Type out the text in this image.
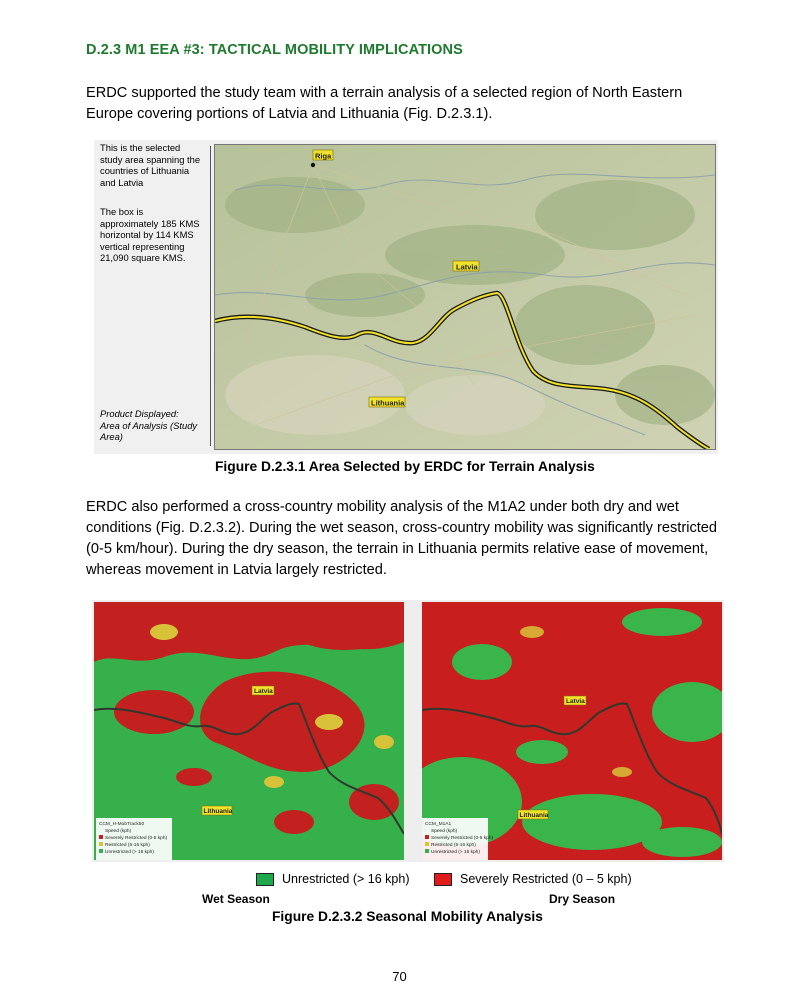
D.2.3 M1 EEA #3: TACTICAL MOBILITY IMPLICATIONS
ERDC supported the study team with a terrain analysis of a selected region of North Eastern Europe covering portions of Latvia and Lithuania (Fig. D.2.3.1).
This is the selected
study area spanning the
countries of Lithuania
and Latvia
The box is
approximately 185 KMS
horizontal by 114 KMS
vertical representing
21,090 square KMS.
Product Displayed:
Area of Analysis (Study
Area)
Riga
Latvia
Lithuania
Figure D.2.3.1 Area Selected by ERDC for Terrain Analysis
ERDC also performed a cross-country mobility analysis of the M1A2 under both dry and wet conditions (Fig. D.2.3.2). During the wet season, cross-country mobility was significantly restricted (0-5 km/hour). During the dry season, the terrain in Lithuania permits relative ease of movement, whereas movement in Latvia largely restricted.
Latvia
Lithuania
CCM_H-MobTrack50
Speed (kph)
Severely Restricted (0-5 kph)
Restricted (5-16 kph)
Unrestricted (> 16 kph)
Latvia
Lithuania
CCM_M1A1
Speed (kph)
Severely Restricted (0-5 kph)
Restricted (5-16 kph)
Unrestricted (> 16 kph)
Unrestricted (> 16 kph)	Severely Restricted (0 – 5 kph)
Wet Season	Dry Season
Figure D.2.3.2 Seasonal Mobility Analysis
70
